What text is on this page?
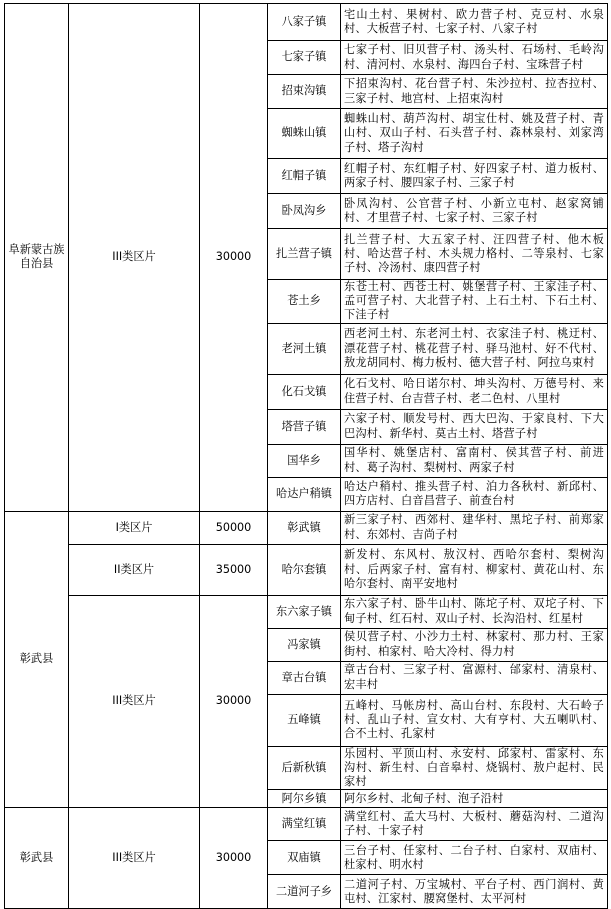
阜新蒙古族自治县	III类区片	30000	八家子镇	宅山土村、果树村、欧力营子村、克豆村、水泉村、大板营子村、七家子村、八家子村
			七家子镇	七家子村、旧贝营子村、汤头村、石场村、毛岭沟村、清河村、水泉村、海四台子村、宝珠营子村
			招束沟镇	下招束沟村、花台营子村、朱沙拉村、拉杏拉村、三家子村、地宫村、上招束沟村
			蜘蛛山镇	蜘蛛山村、葫芦沟村、胡宝仕村、姚及营子村、青山村、双山子村、石头营子村、森林泉村、刘家湾子村、塔子沟村
			红帽子镇	红帽子村、东红帽子村、好四家子村、道力板村、两家子村、腰四家子村、三家子村
			卧凤沟乡	卧凤沟村、公官营子村、小新立屯村、赵家窝铺村、才里营子村、七家子村、三家子村
			扎兰营子镇	扎兰营子村、大五家子村、汪四营子村、他木板村、哈达营子村、木头规力格村、二等泉村、七家子村、冷汤村、康四营子村
			苍土乡	东苍土村、西苍土村、姚堡营子村、王家洼子村、孟可营子村、大北营子村、上石土村、下石土村、下洼子村
			老河土镇	西老河土村、东老河土村、衣家洼子村、桃迂村、漂花营子村、桃花营子村、驿马池村、好不代村、敖龙胡同村、梅力板村、德大营子村、阿拉乌束村
			化石戈镇	化石戈村、哈日诺尔村、坤头沟村、万德号村、来住营子村、台吉营子村、老二色村、八里村
			塔营子镇	六家子村、顺发号村、西大巴沟、于家良村、下大巴沟村、新华村、莫古土村、塔营子村
			国华乡	国华村、姚堡店村、富南村、侯其营子村、前进村、葛子沟村、梨树村、两家子村
			哈达户稍镇	哈达户稍村、推头营子村、泊力各秋村、新邱村、四方店村、白音昌营子、前查台村
彰武县	I类区片	50000	彰武镇	新三家子村、西郊村、建华村、黑坨子村、前郑家村、东郊村、吉尚子村
	II类区片	35000	哈尔套镇	新发村、东风村、敖汉村、西哈尔套村、梨树沟村、后两家子村、富有村、柳家村、黄花山村、东哈尔套村、南平安地村
	III类区片	30000	东六家子镇	东六家子村、卧牛山村、陈坨子村、双坨子村、下甸子村、红石村、双山子村、长沟沿村、红星村
			冯家镇	侯贝营子村、小沙力土村、林家村、那力村、王家街村、柏家村、哈大冷村、得力村
			章古台镇	章古台村、三家子村、富源村、邰家村、清泉村、宏丰村
			五峰镇	五峰村、马帐房村、高山台村、东段村、大石岭子村、乱山子村、宣女村、大有亨村、大五喇叭村、合不土村、孔家村
			后新秋镇	乐园村、平顶山村、永安村、邱家村、雷家村、东沟村、新生村、白音皋村、烧锅村、敖户起村、民家村
			阿尔乡镇	阿尔乡村、北甸子村、泡子沿村
彰武县	III类区片	30000	满堂红镇	满堂红村、孟大马村、大板村、蘑菇沟村、二道沟子村、十家子村
			双庙镇	三台子村、任家村、二台子村、白家村、双庙村、杜家村、明水村
			二道河子乡	二道河子村、万宝城村、平台子村、西门润村、黄屯村、江家村、腰窝堡村、太平河村
